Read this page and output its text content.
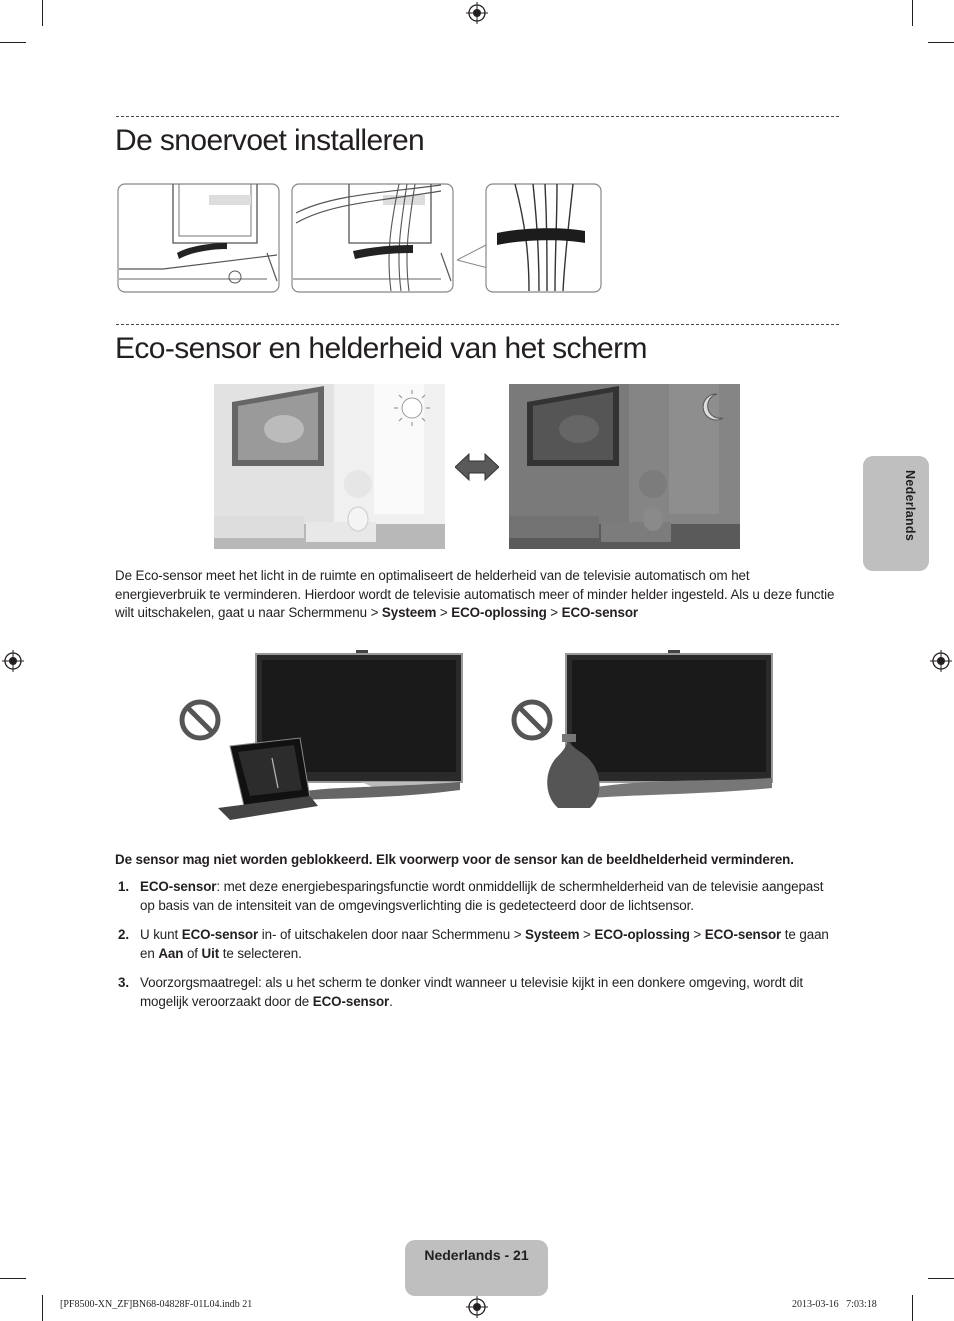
De snoervoet installeren
Eco-sensor en helderheid van het scherm
De Eco-sensor meet het licht in de ruimte en optimaliseert de helderheid van de televisie automatisch om het energieverbruik te verminderen. Hierdoor wordt de televisie automatisch meer of minder helder ingesteld. Als u deze functie wilt uitschakelen, gaat u naar Schermmenu > Systeem > ECO-oplossing > ECO-sensor
De sensor mag niet worden geblokkeerd. Elk voorwerp voor de sensor kan de beeldhelderheid verminderen.
1. ECO-sensor: met deze energiebesparingsfunctie wordt onmiddellijk de schermhelderheid van de televisie aangepast op basis van de intensiteit van de omgevingsverlichting die is gedetecteerd door de lichtsensor.
2. U kunt ECO-sensor in- of uitschakelen door naar Schermmenu > Systeem > ECO-oplossing > ECO-sensor te gaan en Aan of Uit te selecteren.
3. Voorzorgsmaatregel: als u het scherm te donker vindt wanneer u televisie kijkt in een donkere omgeving, wordt dit mogelijk veroorzaakt door de ECO-sensor.
Nederlands
Nederlands - 21
[PF8500-XN_ZF]BN68-04828F-01L04.indb 21	2013-03-16   7:03:18
